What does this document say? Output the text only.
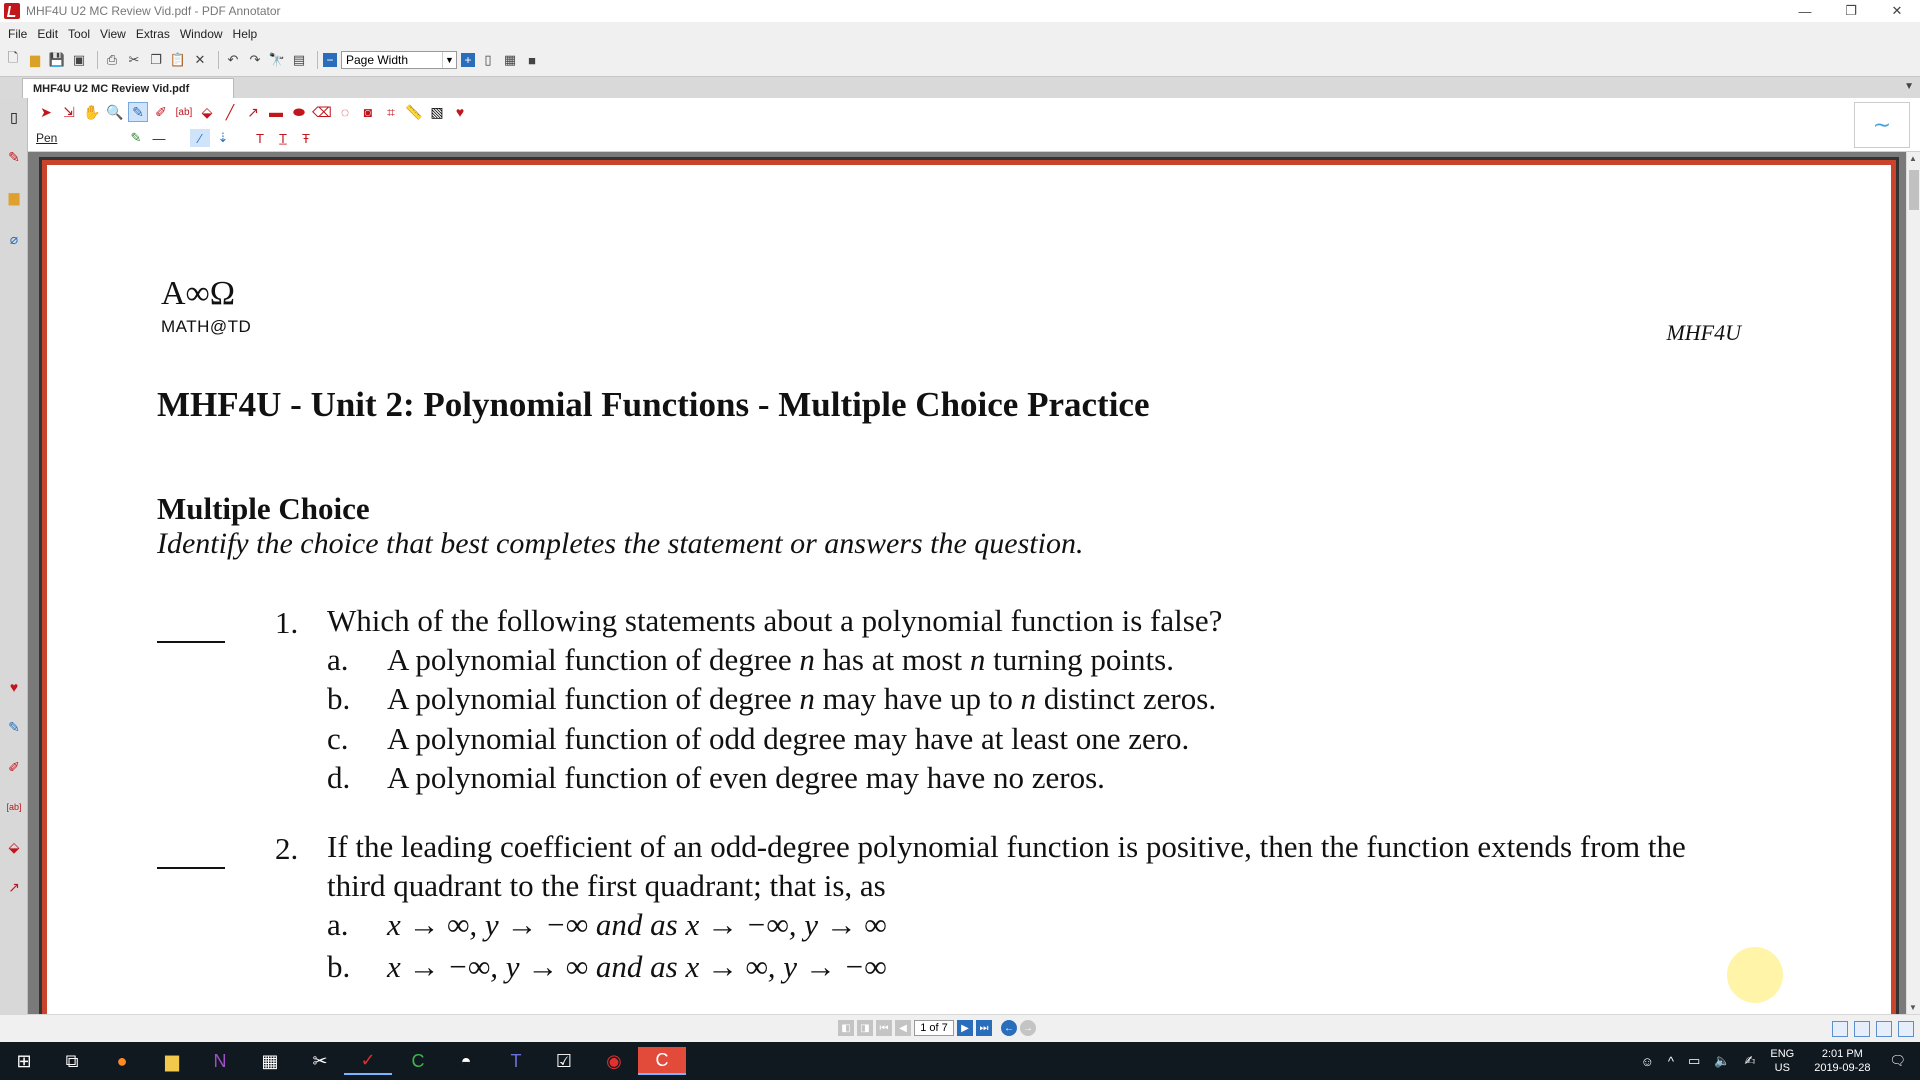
MHF4U U2 MC Review Vid.pdf - PDF Annotator	—	❐	✕
File Edit Tool View Extras Window Help
🗋 ▆ 💾 ▣ ⎙ ✂ ❐ 📋 ✕ ↶ ↷ 🔭 ▤ − Page Width	▼ + ▯ ▦ ■
MHF4U U2 MC Review Vid.pdf	▼
➤ ⇲ ✋ 🔍 ✎ ✐ [ab] ⬙ ╱ ↗ ▬ ⬬ ⌫ ◌	◙	⌗ 📏 ▧ ♥
Pen	✎ —	⁄	⇣	T	T̲	Ŧ
∼
▯
✎
▆
⌀
♥
✎
✐
[ab]
⬙
↗
A∞Ω
MATH@TD	MHF4U
MHF4U - Unit 2: Polynomial Functions - Multiple Choice Practice
Multiple Choice
Identify the choice that best completes the statement or answers the question.
1. Which of the following statements about a polynomial function is false?
a. A polynomial function of degree n has at most n turning points.
b. A polynomial function of degree n may have up to n distinct zeros.
c. A polynomial function of odd degree may have at least one zero.
d. A polynomial function of even degree may have no zeros.
2. If the leading coefficient of an odd-degree polynomial function is positive, then the function extends from the
third quadrant to the first quadrant; that is, as
a. x → ∞, y → −∞ and as x → −∞, y → ∞
b. x → −∞, y → ∞ and as x → ∞, y → −∞
▲
▼
◧ ◨ ⏮	◀	1 of 7	▶	⏭	← →
⊞	⧉	●	▆	N	▦	✂	✓	C	◓	T	☑	◉	C	☺ ^ ▭ 🔈 ✍ ENG
US
2:01 PM
2019-09-28 🗨
